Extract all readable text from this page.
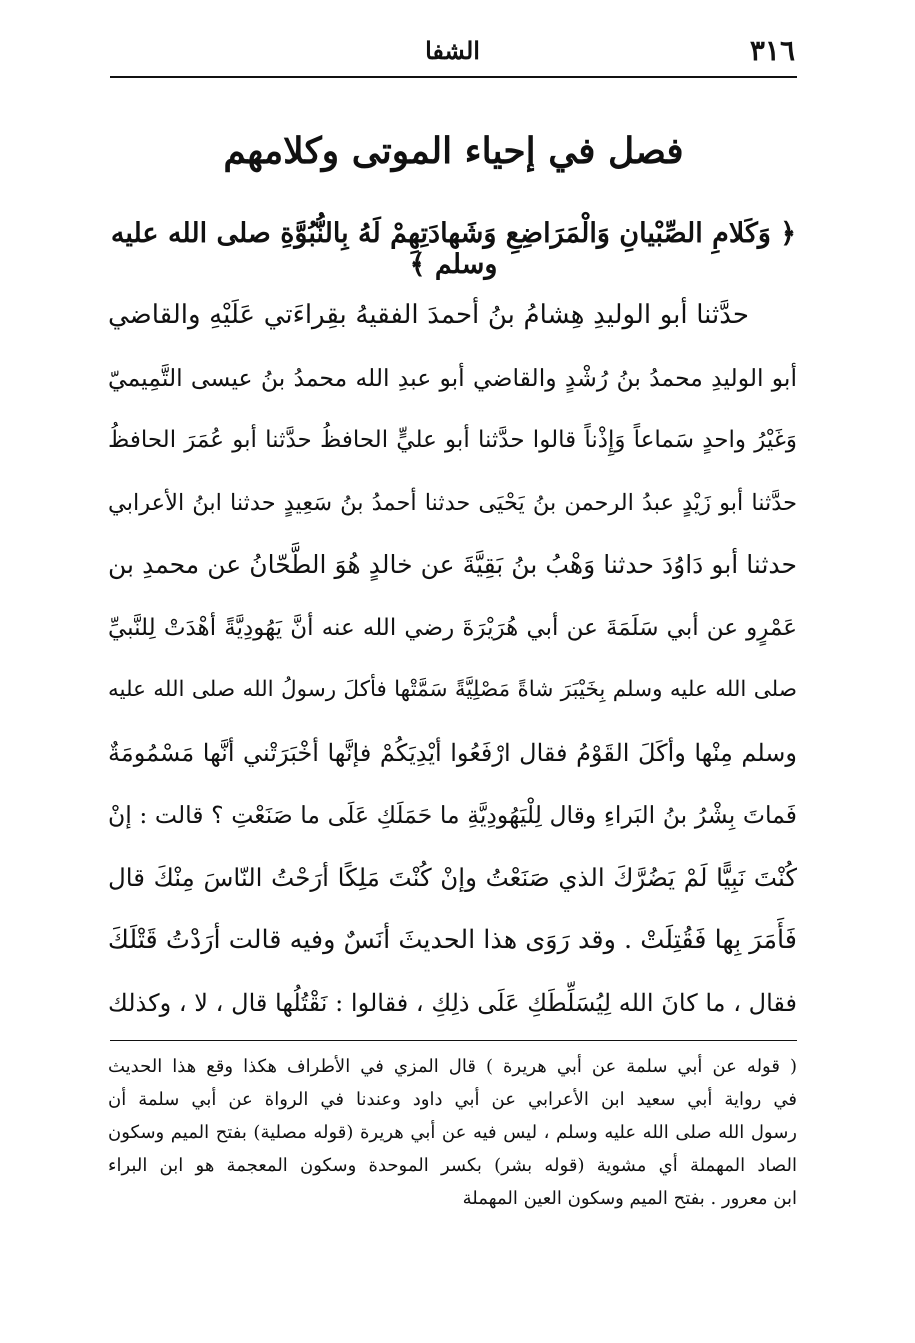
٣١٦
الشفا
فصل في إحياء الموتى وكلامهم
﴿ وَكَلامِ الصِّبْيانِ وَالْمَرَاضِعِ وَشَهادَتِهِمْ لَهُ بِالنُّبُوَّةِ صلى الله عليه وسلم ﴾
حدَّثنا أبو الوليدِ هِشامُ بنُ أحمدَ الفقيهُ بقِراءَتي عَلَيْهِ والقاضي
أبو الوليدِ محمدُ بنُ رُشْدٍ والقاضي أبو عبدِ الله محمدُ بنُ عيسى التَّمِيميّ
وَغَيْرُ واحدٍ سَماعاً وَإِذْناً قالوا حدَّثنا أبو عليٍّ الحافظُ حدَّثنا أبو عُمَرَ الحافظُ
حدَّثنا أبو زَيْدٍ عبدُ الرحمن بنُ يَحْيَى حدثنا أحمدُ بنُ سَعِيدٍ حدثنا ابنُ الأعرابي
حدثنا أبو دَاوُدَ حدثنا وَهْبُ بنُ بَقِيَّةَ عن خالدٍ هُوَ الطَّحّانُ عن محمدِ بن
عَمْرٍو عن أبي سَلَمَةَ عن أبي هُرَيْرَةَ رضي الله عنه أنَّ يَهُودِيَّةً أهْدَتْ لِلنَّبيِّ
صلى الله عليه وسلم بِخَيْبَرَ شاةً مَصْلِيَّةً سَمَّتْها فأكلَ رسولُ الله صلى الله عليه
وسلم مِنْها وأكَلَ القَوْمُ فقال ارْفَعُوا أيْدِيَكُمْ فإنَّها أخْبَرَتْني أنَّها مَسْمُومَةٌ
فَماتَ بِشْرُ بنُ البَراءِ وقال لِلْيَهُودِيَّةِ ما حَمَلَكِ عَلَى ما صَنَعْتِ ؟ قالت : إنْ
كُنْتَ نَبِيًّا لَمْ يَضُرَّكَ الذي صَنَعْتُ وإنْ كُنْتَ مَلِكًا أرَحْتُ النّاسَ مِنْكَ قال
فَأَمَرَ بِها فَقُتِلَتْ . وقد رَوَى هذا الحديثَ أنَسٌ وفيه قالت أرَدْتُ قَتْلَكَ
فقال ، ما كانَ الله لِيُسَلِّطَكِ عَلَى ذلِكِ ، فقالوا : نَقْتُلُها قال ، لا ، وكذلك
( قوله عن أبي سلمة عن أبي هريرة ) قال المزي في الأطراف هكذا وقع هذا الحديث
في رواية أبي سعيد ابن الأعرابي عن أبي داود وعندنا في الرواة عن أبي سلمة أن
رسول الله صلى الله عليه وسلم ، ليس فيه عن أبي هريرة (قوله مصلية) بفتح الميم وسكون
الصاد المهملة أي مشوية (قوله بشر) بكسر الموحدة وسكون المعجمة هو ابن البراء
ابن معرور . بفتح الميم وسكون العين المهملة
